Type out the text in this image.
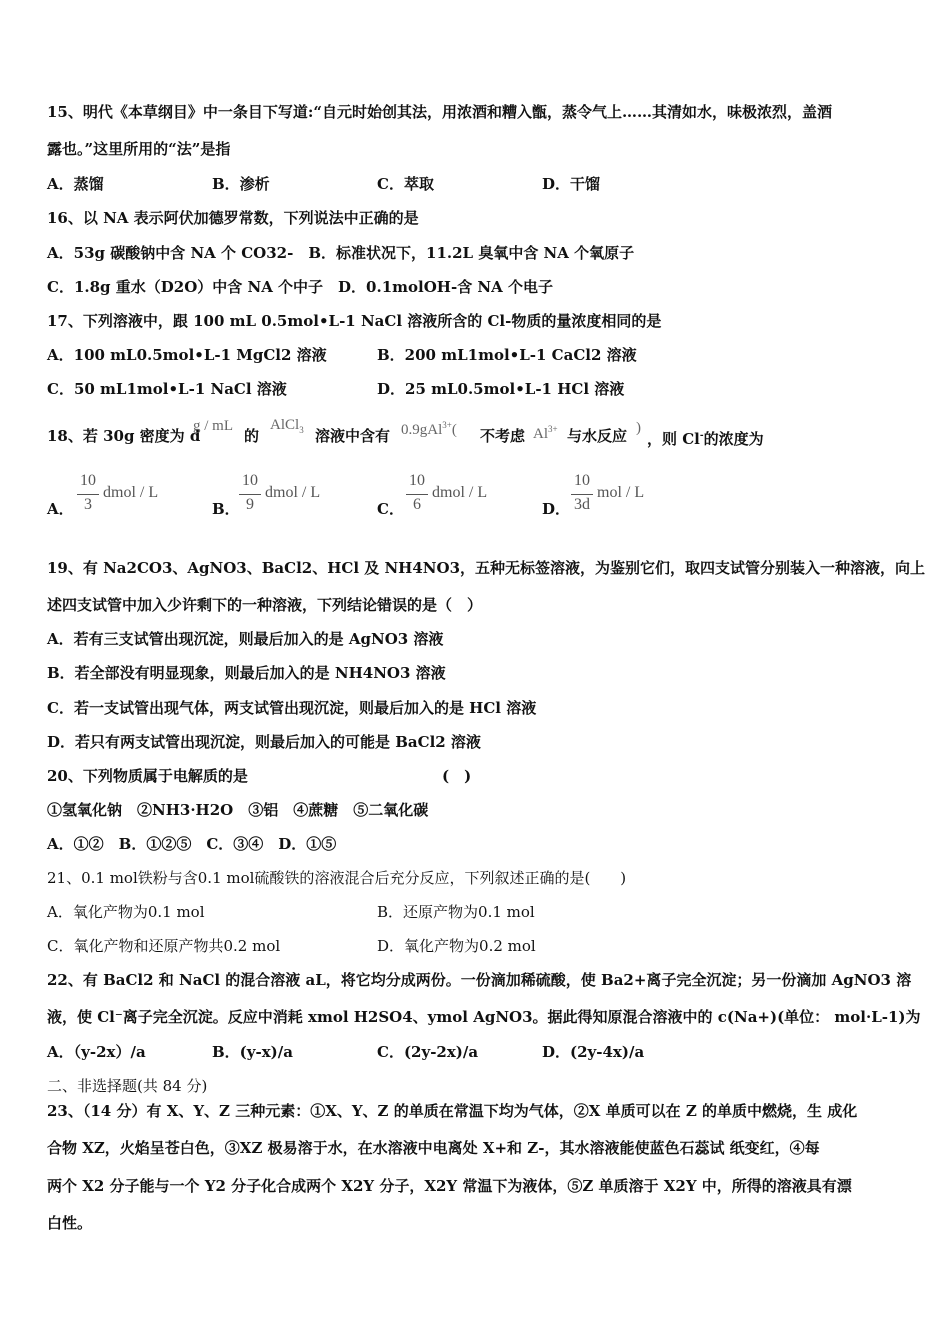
15、明代《本草纲目》中一条目下写道:“自元时始创其法，用浓酒和糟入甑，蒸令气上……其清如水，味极浓烈，盖酒
露也。”这里所用的“法”是指
A．蒸馏	B．渗析	C．萃取	D．干馏
16、以 NA 表示阿伏加德罗常数，下列说法中正确的是
A．53g 碳酸钠中含 NA 个 CO32-　B．标准状况下，11.2L 臭氧中含 NA 个氧原子
C．1.8g 重水（D2O）中含 NA 个中子　D．0.1molOH-含 NA 个电子
17、下列溶液中，跟 100 mL 0.5mol•L-1 NaCl 溶液所含的 Cl-物质的量浓度相同的是
A．100 mL0.5mol•L-1 MgCl2 溶液	B．200 mL1mol•L-1 CaCl2 溶液
C．50 mL1mol•L-1 NaCl 溶液	D．25 mL0.5mol•L-1 HCl 溶液
18、若 30g 密度为 d
g / mL
的
AlCl$_3$ 溶液中含有 0.9gAl$^{3+}$( 不考虑 $Al^{3+}$ 与水反应 )
，则 Cl-的浓度为
A．
10
3
dmol / L
B．
10
9
dmol / L
C．
10
6
dmol / L
D．
10
3d
mol / L
19、有 Na2CO3、AgNO3、BaCl2、HCl 及 NH4NO3，五种无标签溶液，为鉴别它们，取四支试管分别装入一种溶液，向上
述四支试管中加入少许剩下的一种溶液，下列结论错误的是（　）
A．若有三支试管出现沉淀，则最后加入的是 AgNO3 溶液
B．若全部没有明显现象，则最后加入的是 NH4NO3 溶液
C．若一支试管出现气体，两支试管出现沉淀，则最后加入的是 HCl 溶液
D．若只有两支试管出现沉淀，则最后加入的可能是 BaCl2 溶液
20、下列物质属于电解质的是	(　)
①氢氧化钠　②NH3·H2O　③铝　④蔗糖　⑤二氧化碳
A．①②　B．①②⑤　C．③④　D．①⑤
21、0.1 mol铁粉与含0.1 mol硫酸铁的溶液混合后充分反应，下列叙述正确的是(　　)
A．氧化产物为0.1 mol	B．还原产物为0.1 mol
C．氧化产物和还原产物共0.2 mol	D．氧化产物为0.2 mol
22、有 BaCl2 和 NaCl 的混合溶液 aL，将它均分成两份。一份滴加稀硫酸，使 Ba2+离子完全沉淀；另一份滴加 AgNO3 溶
液，使 Cl⁻离子完全沉淀。反应中消耗 xmol H2SO4、ymol AgNO3。据此得知原混合溶液中的 c(Na+)(单位： mol·L-1)为
A．（y-2x）/a	B．(y-x)/a	C．(2y-2x)/a	D．(2y-4x)/a
二、非选择题(共 84 分)
23、（14 分）有 X、Y、Z 三种元素：①X、Y、Z 的单质在常温下均为气体，②X 单质可以在 Z 的单质中燃烧，生 成化
合物 XZ，火焰呈苍白色，③XZ 极易溶于水，在水溶液中电离处 X+和 Z-，其水溶液能使蓝色石蕊试 纸变红，④每
两个 X2 分子能与一个 Y2 分子化合成两个 X2Y 分子，X2Y 常温下为液体，⑤Z 单质溶于 X2Y 中，所得的溶液具有漂
白性。
